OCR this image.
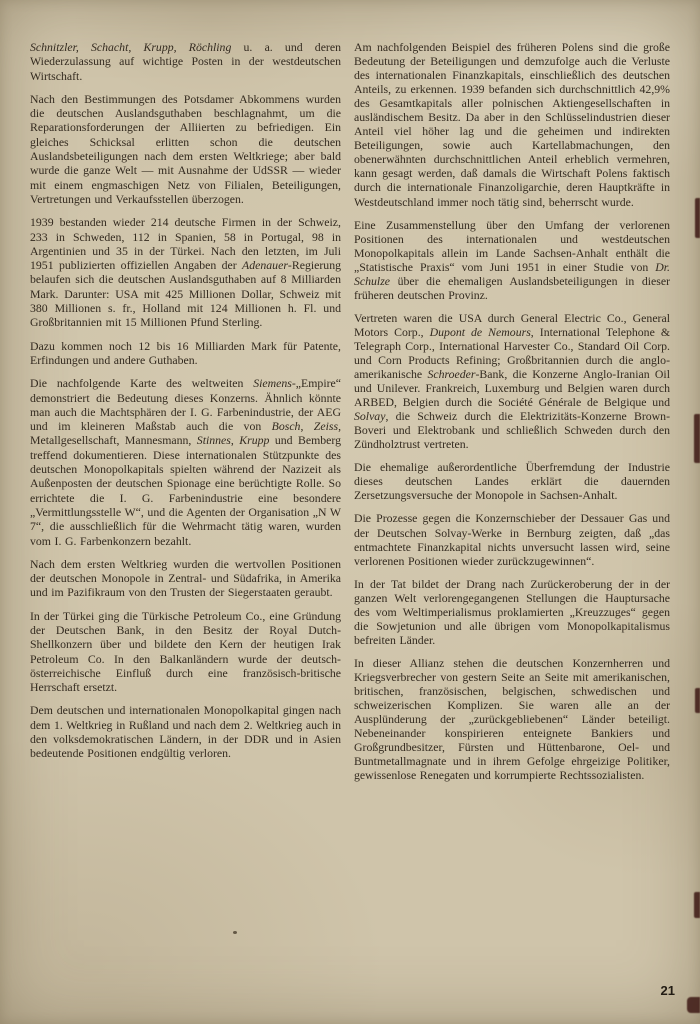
Schnitzler, Schacht, Krupp, Röchling u. a. und deren Wiederzulassung auf wichtige Posten in der westdeutschen Wirtschaft.

Nach den Bestimmungen des Potsdamer Abkommens wurden die deutschen Auslandsguthaben beschlagnahmt, um die Reparationsforderungen der Alliierten zu befriedigen. Ein gleiches Schicksal erlitten schon die deutschen Auslandsbeteiligungen nach dem ersten Weltkriege; aber bald wurde die ganze Welt — mit Ausnahme der UdSSR — wieder mit einem engmaschigen Netz von Filialen, Beteiligungen, Vertretungen und Verkaufsstellen überzogen.

1939 bestanden wieder 214 deutsche Firmen in der Schweiz, 233 in Schweden, 112 in Spanien, 58 in Portugal, 98 in Argentinien und 35 in der Türkei. Nach den letzten, im Juli 1951 publizierten offiziellen Angaben der Adenauer-Regierung belaufen sich die deutschen Auslandsguthaben auf 8 Milliarden Mark. Darunter: USA mit 425 Millionen Dollar, Schweiz mit 380 Millionen s. fr., Holland mit 124 Millionen h. Fl. und Großbritannien mit 15 Millionen Pfund Sterling.

Dazu kommen noch 12 bis 16 Milliarden Mark für Patente, Erfindungen und andere Guthaben.

Die nachfolgende Karte des weltweiten Siemens-„Empire“ demonstriert die Bedeutung dieses Konzerns. Ähnlich könnte man auch die Machtsphären der I. G. Farbenindustrie, der AEG und im kleineren Maßstab auch die von Bosch, Zeiss, Metallgesellschaft, Mannesmann, Stinnes, Krupp und Bemberg treffend dokumentieren. Diese internationalen Stützpunkte des deutschen Monopolkapitals spielten während der Nazizeit als Außenposten der deutschen Spionage eine berüchtigte Rolle. So errichtete die I. G. Farbenindustrie eine besondere „Vermittlungsstelle W“, und die Agenten der Organisation „N W 7“, die ausschließlich für die Wehrmacht tätig waren, wurden vom I. G. Farbenkonzern bezahlt.

Nach dem ersten Weltkrieg wurden die wertvollen Positionen der deutschen Monopole in Zentral- und Südafrika, in Amerika und im Pazifikraum von den Trusten der Siegerstaaten geraubt.

In der Türkei ging die Türkische Petroleum Co., eine Gründung der Deutschen Bank, in den Besitz der Royal Dutch-Shellkonzern über und bildete den Kern der heutigen Irak Petroleum Co. In den Balkanländern wurde der deutsch-österreichische Einfluß durch eine französisch-britische Herrschaft ersetzt.

Dem deutschen und internationalen Monopolkapital gingen nach dem 1. Weltkrieg in Rußland und nach dem 2. Weltkrieg auch in den volksdemokratischen Ländern, in der DDR und in Asien bedeutende Positionen endgültig verloren.

Am nachfolgenden Beispiel des früheren Polens sind die große Bedeutung der Beteiligungen und demzufolge auch die Verluste des internationalen Finanzkapitals, einschließlich des deutschen Anteils, zu erkennen. 1939 befanden sich durchschnittlich 42,9% des Gesamtkapitals aller polnischen Aktiengesellschaften in ausländischem Besitz. Da aber in den Schlüsselindustrien dieser Anteil viel höher lag und die geheimen und indirekten Beteiligungen, sowie auch Kartellabmachungen, den obenerwähnten durchschnittlichen Anteil erheblich vermehren, kann gesagt werden, daß damals die Wirtschaft Polens faktisch durch die internationale Finanzoligarchie, deren Hauptkräfte in Westdeutschland immer noch tätig sind, beherrscht wurde.

Eine Zusammenstellung über den Umfang der verlorenen Positionen des internationalen und westdeutschen Monopolkapitals allein im Lande Sachsen-Anhalt enthält die „Statistische Praxis“ vom Juni 1951 in einer Studie von Dr. Schulze über die ehemaligen Auslandsbeteiligungen in dieser früheren deutschen Provinz.

Vertreten waren die USA durch General Electric Co., General Motors Corp., Dupont de Nemours, International Telephone & Telegraph Corp., International Harvester Co., Standard Oil Corp. und Corn Products Refining; Großbritannien durch die anglo-amerikanische Schroeder-Bank, die Konzerne Anglo-Iranian Oil und Unilever. Frankreich, Luxemburg und Belgien waren durch ARBED, Belgien durch die Société Générale de Belgique und Solvay, die Schweiz durch die Elektrizitäts-Konzerne Brown-Boveri und Elektrobank und schließlich Schweden durch den Zündholztrust vertreten.

Die ehemalige außerordentliche Überfremdung der Industrie dieses deutschen Landes erklärt die dauernden Zersetzungsversuche der Monopole in Sachsen-Anhalt.

Die Prozesse gegen die Konzernschieber der Dessauer Gas und der Deutschen Solvay-Werke in Bernburg zeigten, daß „das entmachtete Finanzkapital nichts unversucht lassen wird, seine verlorenen Positionen wieder zurückzugewinnen“.

In der Tat bildet der Drang nach Zurückeroberung der in der ganzen Welt verlorengegangenen Stellungen die Hauptursache des vom Weltimperialismus proklamierten „Kreuzzuges“ gegen die Sowjetunion und alle übrigen vom Monopolkapitalismus befreiten Länder.

In dieser Allianz stehen die deutschen Konzernherren und Kriegsverbrecher von gestern Seite an Seite mit amerikanischen, britischen, französischen, belgischen, schwedischen und schweizerischen Komplizen. Sie waren alle an der Ausplünderung der „zurückgebliebenen“ Länder beteiligt. Nebeneinander konspirieren enteignete Bankiers und Großgrundbesitzer, Fürsten und Hüttenbarone, Oel- und Buntmetallmagnate und in ihrem Gefolge ehrgeizige Politiker, gewissenlose Renegaten und korrumpierte Rechtssozialisten.

21
